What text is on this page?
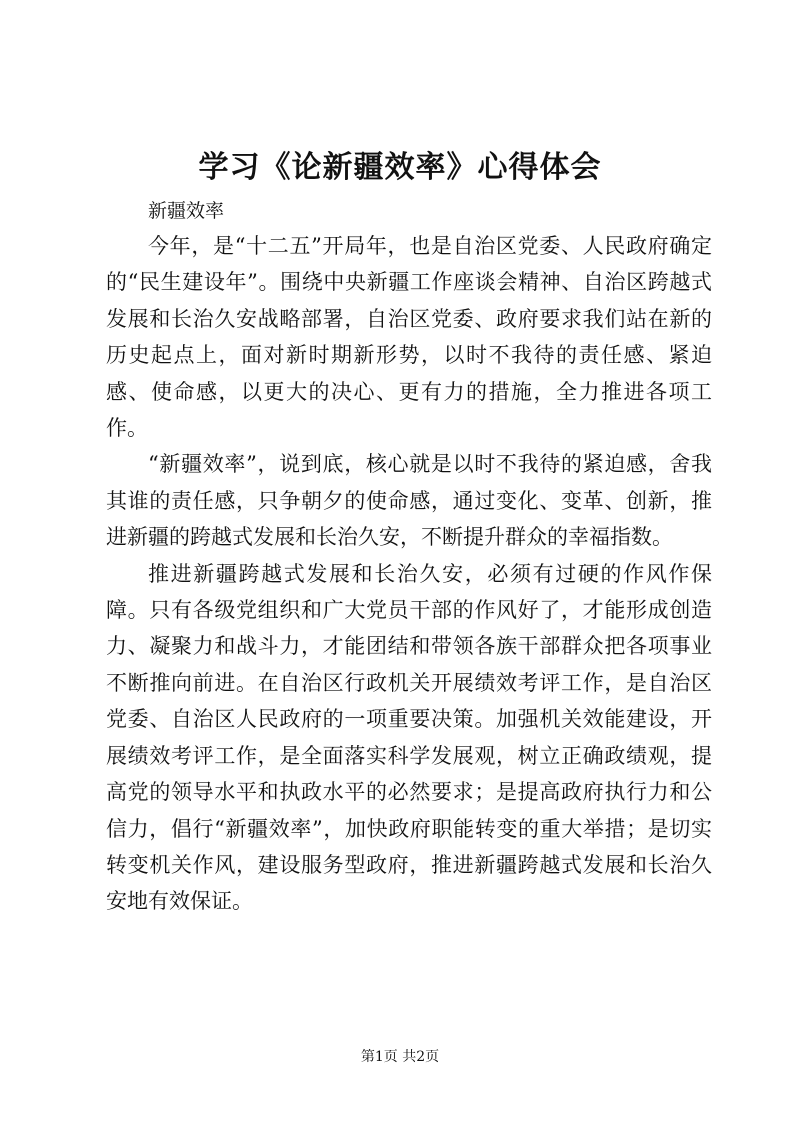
学习《论新疆效率》心得体会

新疆效率

今年，是“十二五”开局年，也是自治区党委、人民政府确定的“民生建设年”。围绕中央新疆工作座谈会精神、自治区跨越式发展和长治久安战略部署，自治区党委、政府要求我们站在新的历史起点上，面对新时期新形势，以时不我待的责任感、紧迫感、使命感，以更大的决心、更有力的措施，全力推进各项工作。

“新疆效率”，说到底，核心就是以时不我待的紧迫感，舍我其谁的责任感，只争朝夕的使命感，通过变化、变革、创新，推进新疆的跨越式发展和长治久安，不断提升群众的幸福指数。

推进新疆跨越式发展和长治久安，必须有过硬的作风作保障。只有各级党组织和广大党员干部的作风好了，才能形成创造力、凝聚力和战斗力，才能团结和带领各族干部群众把各项事业不断推向前进。在自治区行政机关开展绩效考评工作，是自治区党委、自治区人民政府的一项重要决策。加强机关效能建设，开展绩效考评工作，是全面落实科学发展观，树立正确政绩观，提高党的领导水平和执政水平的必然要求；是提高政府执行力和公信力，倡行“新疆效率”，加快政府职能转变的重大举措；是切实转变机关作风，建设服务型政府，推进新疆跨越式发展和长治久安地有效保证。

第1页 共2页
